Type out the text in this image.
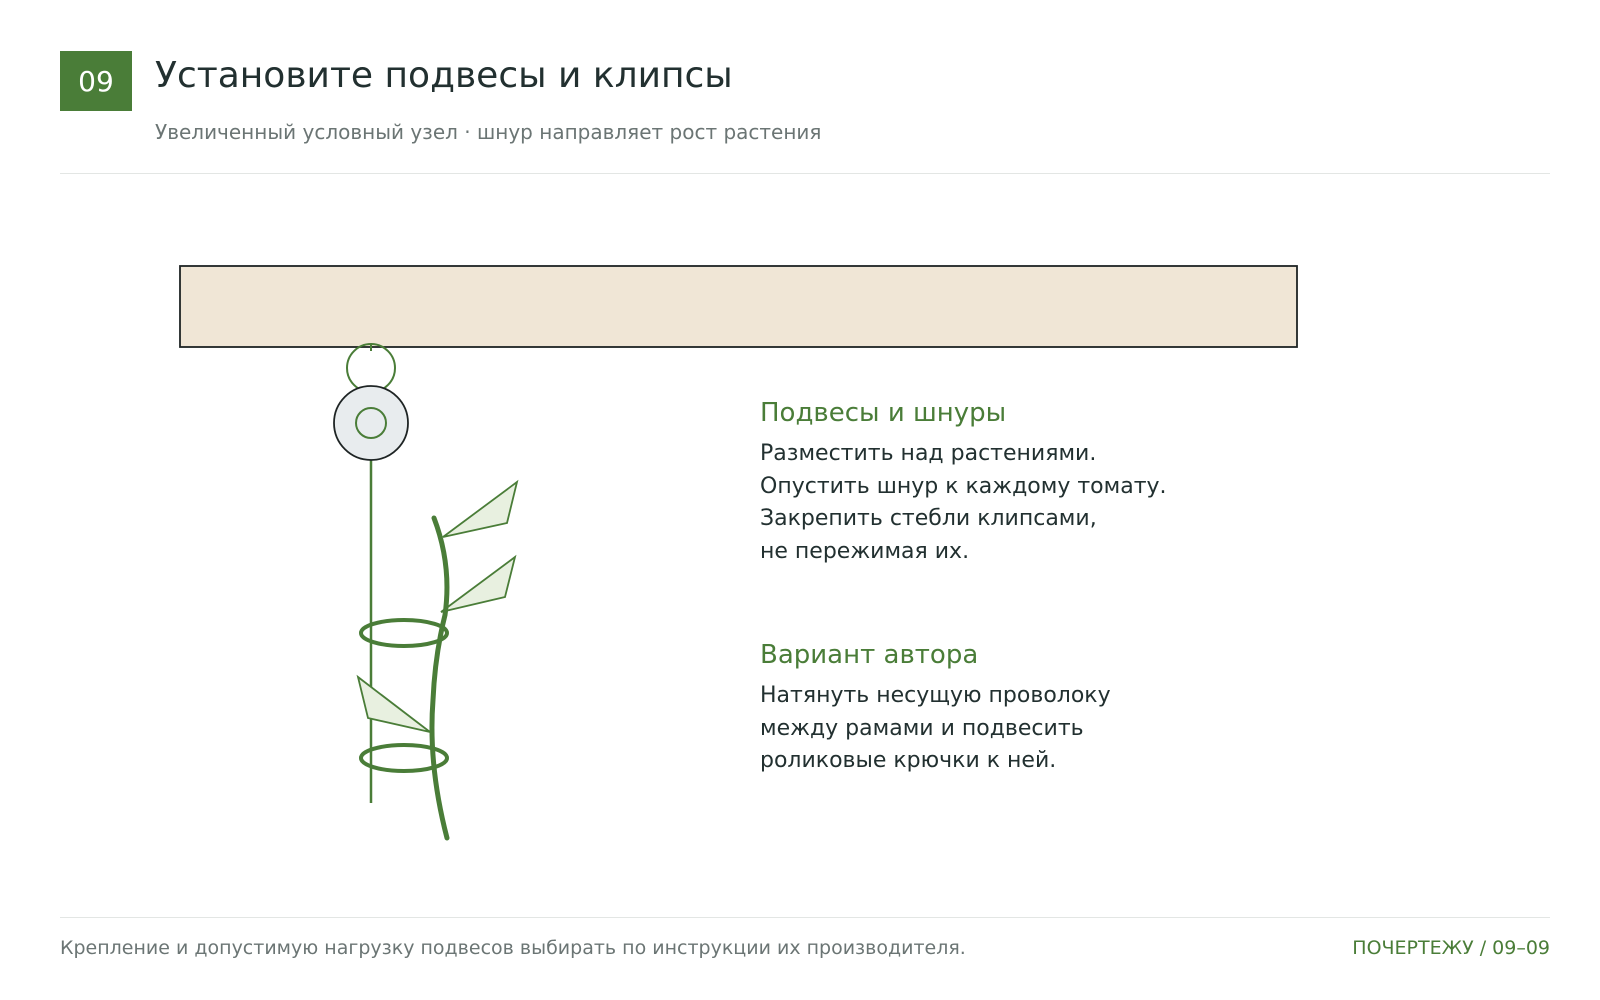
09	Установите подвесы и клипсы
Увеличенный условный узел · шнур направляет рост растения
Подвесы и шнуры
Разместить над растениями.
Опустить шнур к каждому томату.
Закрепить стебли клипсами,
не пережимая их.
Вариант автора
Натянуть несущую проволоку
между рамами и подвесить
роликовые крючки к ней.
Крепление и допустимую нагрузку подвесов выбирать по инструкции их производителя.	ПОЧЕРТЕЖУ / 09–09
